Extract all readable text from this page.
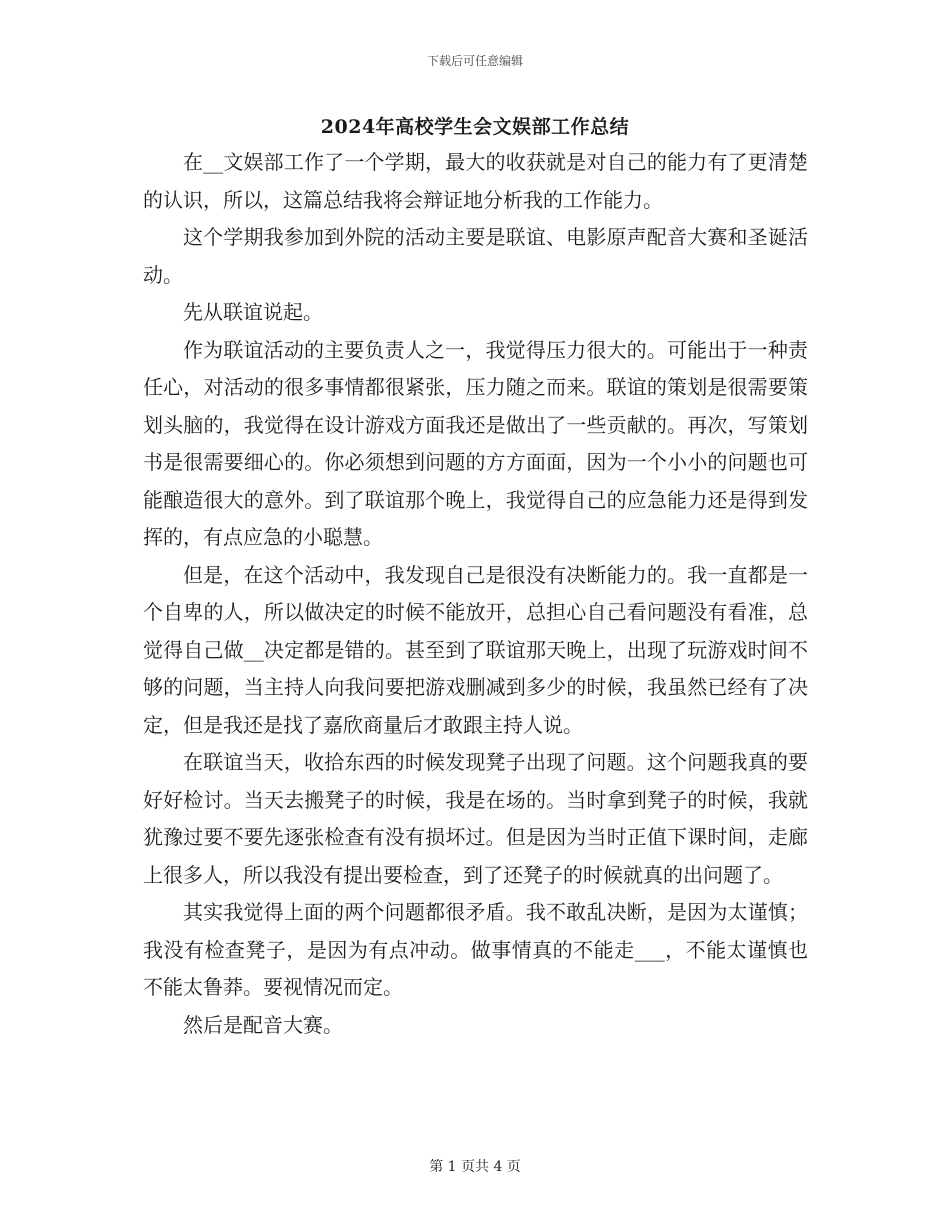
下载后可任意编辑
2024年高校学生会文娱部工作总结

在__文娱部工作了一个学期，最大的收获就是对自己的能力有了更清楚的认识，所以，这篇总结我将会辩证地分析我的工作能力。

这个学期我参加到外院的活动主要是联谊、电影原声配音大赛和圣诞活动。

先从联谊说起。

作为联谊活动的主要负责人之一，我觉得压力很大的。可能出于一种责任心，对活动的很多事情都很紧张，压力随之而来。联谊的策划是很需要策划头脑的，我觉得在设计游戏方面我还是做出了一些贡献的。再次，写策划书是很需要细心的。你必须想到问题的方方面面，因为一个小小的问题也可能酿造很大的意外。到了联谊那个晚上，我觉得自己的应急能力还是得到发挥的，有点应急的小聪慧。

但是，在这个活动中，我发现自己是很没有决断能力的。我一直都是一个自卑的人，所以做决定的时候不能放开，总担心自己看问题没有看准，总觉得自己做__决定都是错的。甚至到了联谊那天晚上，出现了玩游戏时间不够的问题，当主持人向我问要把游戏删减到多少的时候，我虽然已经有了决定，但是我还是找了嘉欣商量后才敢跟主持人说。

在联谊当天，收拾东西的时候发现凳子出现了问题。这个问题我真的要好好检讨。当天去搬凳子的时候，我是在场的。当时拿到凳子的时候，我就犹豫过要不要先逐张检查有没有损坏过。但是因为当时正值下课时间，走廊上很多人，所以我没有提出要检查，到了还凳子的时候就真的出问题了。

其实我觉得上面的两个问题都很矛盾。我不敢乱决断，是因为太谨慎；我没有检查凳子，是因为有点冲动。做事情真的不能走___，不能太谨慎也不能太鲁莽。要视情况而定。

然后是配音大赛。

第 1 页共 4 页
